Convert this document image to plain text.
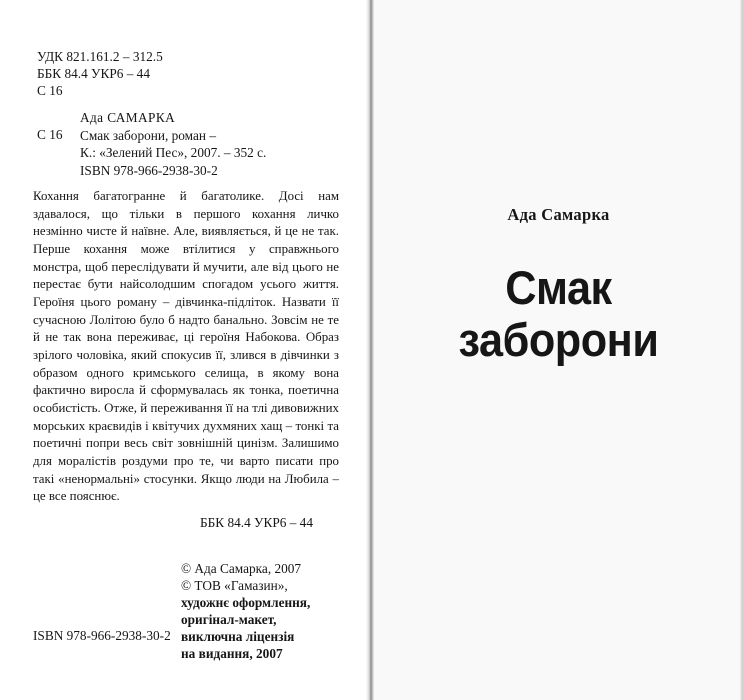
УДК 821.161.2 – 312.5
ББК 84.4 УКР6 – 44
С 16
С 16
Ада САМАРКА
Смак заборони, роман –
К.: «Зелений Пес», 2007. – 352 с.
ISBN 978-966-2938-30-2

Кохання багатогранне й багатолике. Досі нам здавалося, що тільки в першого кохання личко незмінно чисте й наївне. Але, виявляється, й це не так. Перше кохання може втілитися у справжнього монстра, щоб переслідувати й мучити, але від цього не перестає бути найсолодшим спогадом усього життя. Героїня цього роману – дівчинка-підліток. Назвати її сучасною Лолітою було б надто банально. Зовсім не те й не так вона переживає, ці героїня Набокова. Образ зрілого чоловіка, який спокусив її, злився в дівчинки з образом одного кримського селища, в якому вона фактично виросла й сформувалась як тонка, поетична особистість. Отже, й переживання її на тлі дивовижних морських краєвидів і квітучих духмяних хащ – тонкі та поетичні попри весь світ зовнішній цинізм. Залишимо для моралістів роздуми про те, чи варто писати про такі «ненормальні» стосунки. Якщо люди на Любила – це все пояснює.

ББК 84.4 УКР6 – 44
© Ада Самарка, 2007
© ТОВ «Гамазин»,
художнє оформлення,
оригінал-макет,
виключна ліцензія
на видання, 2007
ISBN 978-966-2938-30-2
Ада Самарка
Смак
заборони
